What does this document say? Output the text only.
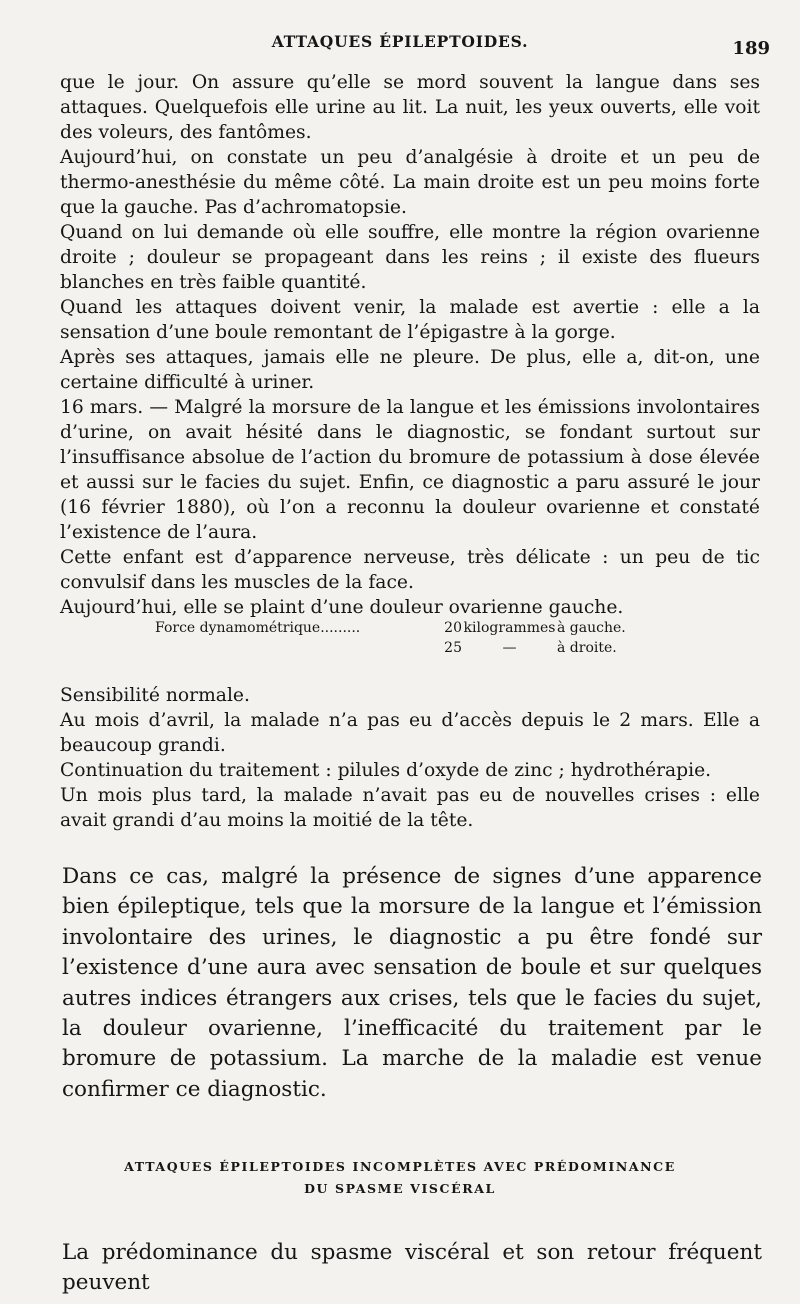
ATTAQUES ÉPILEPTOIDES.	189

que le jour. On assure qu’elle se mord souvent la langue dans ses attaques. Quelquefois elle urine au lit. La nuit, les yeux ouverts, elle voit des voleurs, des fantômes.

Aujourd’hui, on constate un peu d’analgésie à droite et un peu de thermo-anesthésie du même côté. La main droite est un peu moins forte que la gauche. Pas d’achromatopsie.

Quand on lui demande où elle souffre, elle montre la région ovarienne droite ; douleur se propageant dans les reins ; il existe des flueurs blanches en très faible quantité.

Quand les attaques doivent venir, la malade est avertie : elle a la sensation d’une boule remontant de l’épigastre à la gorge.

Après ses attaques, jamais elle ne pleure. De plus, elle a, dit-on, une certaine difficulté à uriner.

16 mars. — Malgré la morsure de la langue et les émissions involontaires d’urine, on avait hésité dans le diagnostic, se fondant surtout sur l’insuffisance absolue de l’action du bromure de potassium à dose élevée et aussi sur le facies du sujet. Enfin, ce diagnostic a paru assuré le jour (16 février 1880), où l’on a reconnu la douleur ovarienne et constaté l’existence de l’aura.

Cette enfant est d’apparence nerveuse, très délicate : un peu de tic convulsif dans les muscles de la face.

Aujourd’hui, elle se plaint d’une douleur ovarienne gauche.

Force dynamométrique.........	20 kilogrammes à gauche.
25	—	à droite.

Sensibilité normale.

Au mois d’avril, la malade n’a pas eu d’accès depuis le 2 mars. Elle a beaucoup grandi.

Continuation du traitement : pilules d’oxyde de zinc ; hydrothérapie.

Un mois plus tard, la malade n’avait pas eu de nouvelles crises : elle avait grandi d’au moins la moitié de la tête.

Dans ce cas, malgré la présence de signes d’une apparence bien épileptique, tels que la morsure de la langue et l’émission involontaire des urines, le diagnostic a pu être fondé sur l’existence d’une aura avec sensation de boule et sur quelques autres indices étrangers aux crises, tels que le facies du sujet, la douleur ovarienne, l’inefficacité du traitement par le bromure de potassium. La marche de la maladie est venue confirmer ce diagnostic.

ATTAQUES ÉPILEPTOIDES INCOMPLÈTES AVEC PRÉDOMINANCE
DU SPASME VISCÉRAL

La prédominance du spasme viscéral et son retour fréquent peuvent
